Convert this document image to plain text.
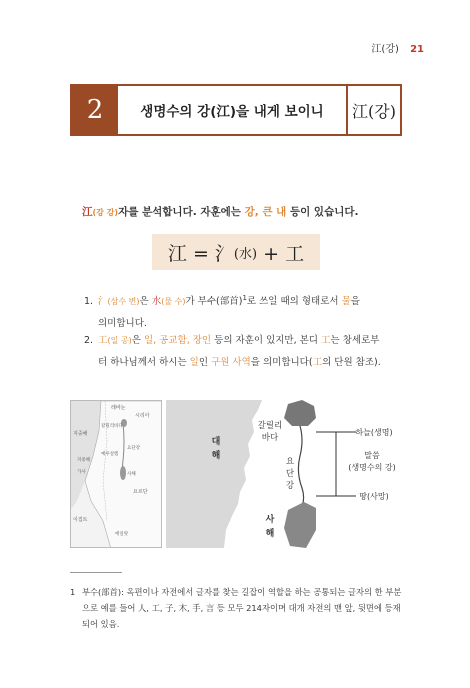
江(강) 21
2	생명수의 강(江)을 내게 보이니	江(강)
江(강 강)자를 분석합니다. 자훈에는 강, 큰 내 등이 있습니다.
江 = 氵 (水) + 工
1. 氵(삼수 변)은 水(물 수)가 부수(部首)$^1$로 쓰일 때의 형태로서 물을
의미합니다.
2. 工(일 공)은 일, 공교함, 장인 등의 자훈이 있지만, 본디 工는 창세로부
터 하나님께서 하시는 일인 구원 사역을 의미합니다(工의 단원 참조).
레바논
시리아
지중해
갈릴리바다
예루살렘
요단강
사해
이집트
가사
요르단
에일랏
지중해
대
해
갈릴리
바다
요
단
강
사
해
하늘(생명)
말씀
(생명수의 강)
땅(사망)
1 부수(部首): 옥편이나 자전에서 글자를 찾는 길잡이 역할을 하는 공통되는 글자의 한 부분으로 예를 들어 人, 工, 子, 木, 手, 言 등 모두 214자이며 대개 자전의 맨 앞, 뒷면에 등재되어 있음.
